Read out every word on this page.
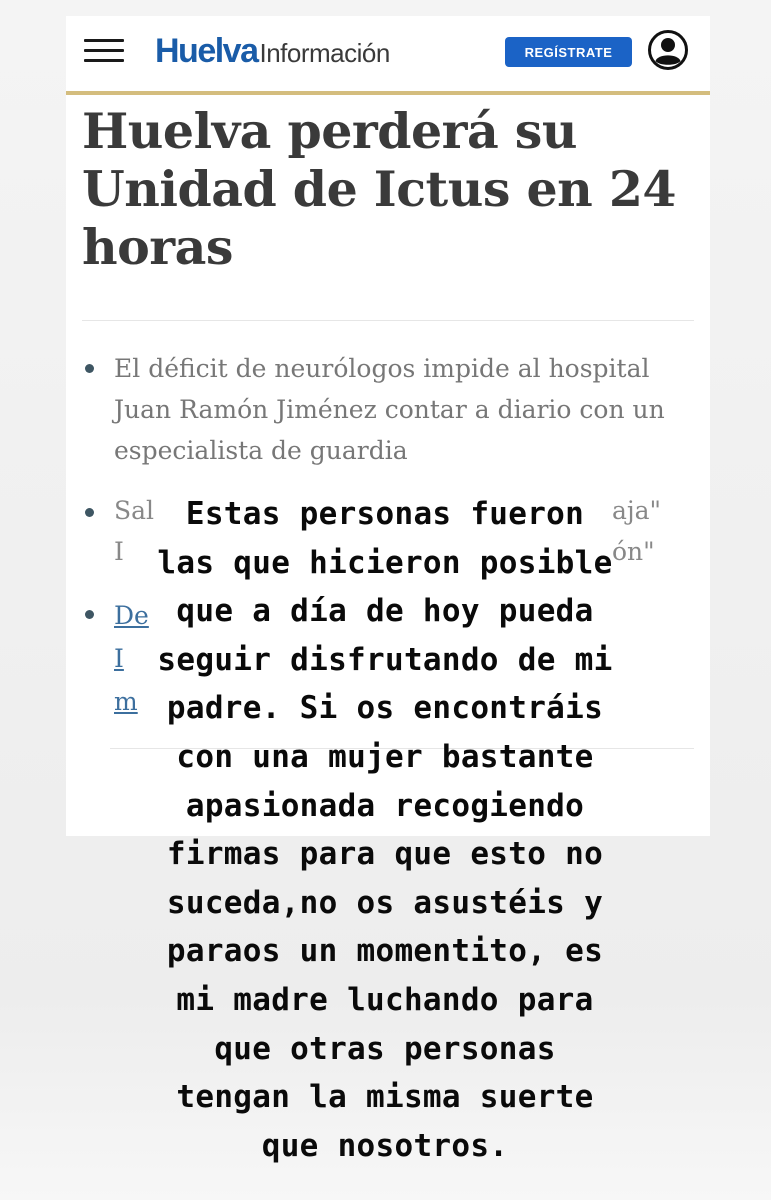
HuelvaInformación	REGÍSTRATE
Huelva perderá su Unidad de Ictus en 24 horas

El déficit de neurólogos impide al hospital Juan Ramón Jiménez contar a diario con un especialista de guardia

Sal
I
aja"
ón"
De
I
m

Estas personas fueron
las que hicieron posible
que a día de hoy pueda
seguir disfrutando de mi
padre. Si os encontráis
con una mujer bastante
apasionada recogiendo
firmas para que esto no
suceda,no os asustéis y
paraos un momentito, es
mi madre luchando para
que otras personas
tengan la misma suerte
que nosotros.
